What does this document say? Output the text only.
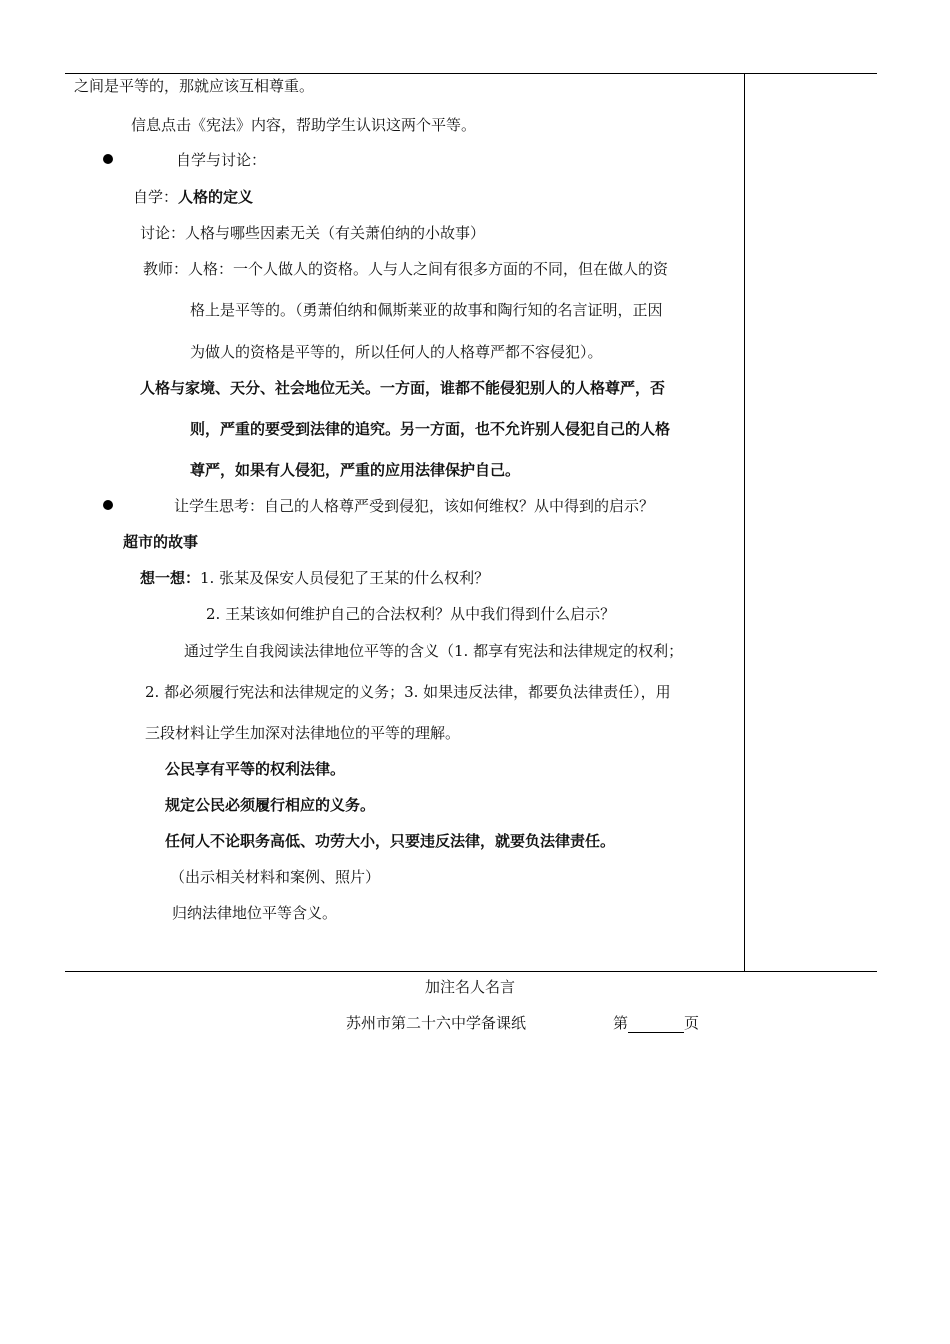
之间是平等的，那就应该互相尊重。
信息点击《宪法》内容，帮助学生认识这两个平等。
自学与讨论：
自学：人格的定义
讨论：人格与哪些因素无关（有关萧伯纳的小故事）
教师：人格：一个人做人的资格。人与人之间有很多方面的不同，但在做人的资
格上是平等的。（勇萧伯纳和佩斯莱亚的故事和陶行知的名言证明，正因
为做人的资格是平等的，所以任何人的人格尊严都不容侵犯）。
人格与家境、天分、社会地位无关。一方面，谁都不能侵犯别人的人格尊严，否
则，严重的要受到法律的追究。另一方面，也不允许别人侵犯自己的人格
尊严，如果有人侵犯，严重的应用法律保护自己。
让学生思考：自己的人格尊严受到侵犯，该如何维权？从中得到的启示？
超市的故事
想一想：1. 张某及保安人员侵犯了王某的什么权利？
2. 王某该如何维护自己的合法权利？从中我们得到什么启示？
通过学生自我阅读法律地位平等的含义（1. 都享有宪法和法律规定的权利；
2. 都必须履行宪法和法律规定的义务；3. 如果违反法律，都要负法律责任），用
三段材料让学生加深对法律地位的平等的理解。
公民享有平等的权利法律。
规定公民必须履行相应的义务。
任何人不论职务高低、功劳大小，只要违反法律，就要负法律责任。
（出示相关材料和案例、照片）
归纳法律地位平等含义。
加注名人名言
苏州市第二十六中学备课纸	第	页
